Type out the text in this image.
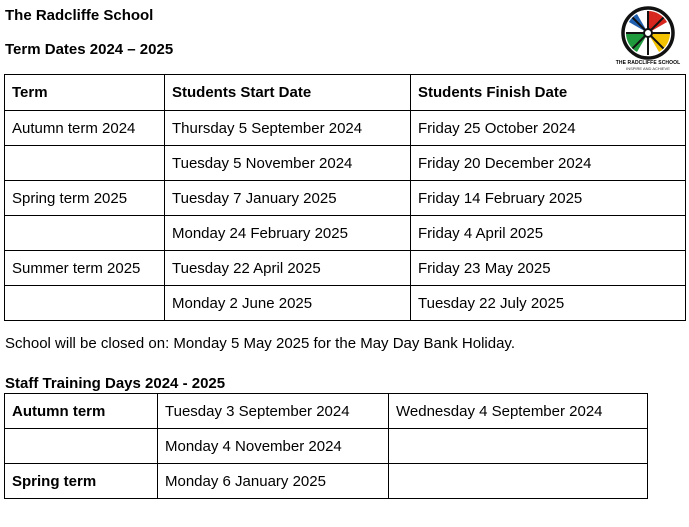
The Radcliffe School
Term Dates 2024 – 2025
THE RADCLIFFE SCHOOL
INSPIRE AND ACHIEVE
Term	Students Start Date	Students Finish Date
Autumn term 2024	Thursday 5 September 2024	Friday 25 October 2024
	Tuesday 5 November 2024	Friday 20 December 2024
Spring term 2025	Tuesday 7 January 2025	Friday 14 February 2025
	Monday 24 February 2025	Friday 4 April 2025
Summer term 2025	Tuesday 22 April 2025	Friday 23 May 2025
	Monday 2 June 2025	Tuesday 22 July 2025
School will be closed on: Monday 5 May 2025 for the May Day Bank Holiday.
Staff Training Days 2024 - 2025
Autumn term	Tuesday 3 September 2024	Wednesday 4 September 2024
	Monday 4 November 2024	
Spring term	Monday 6 January 2025	
